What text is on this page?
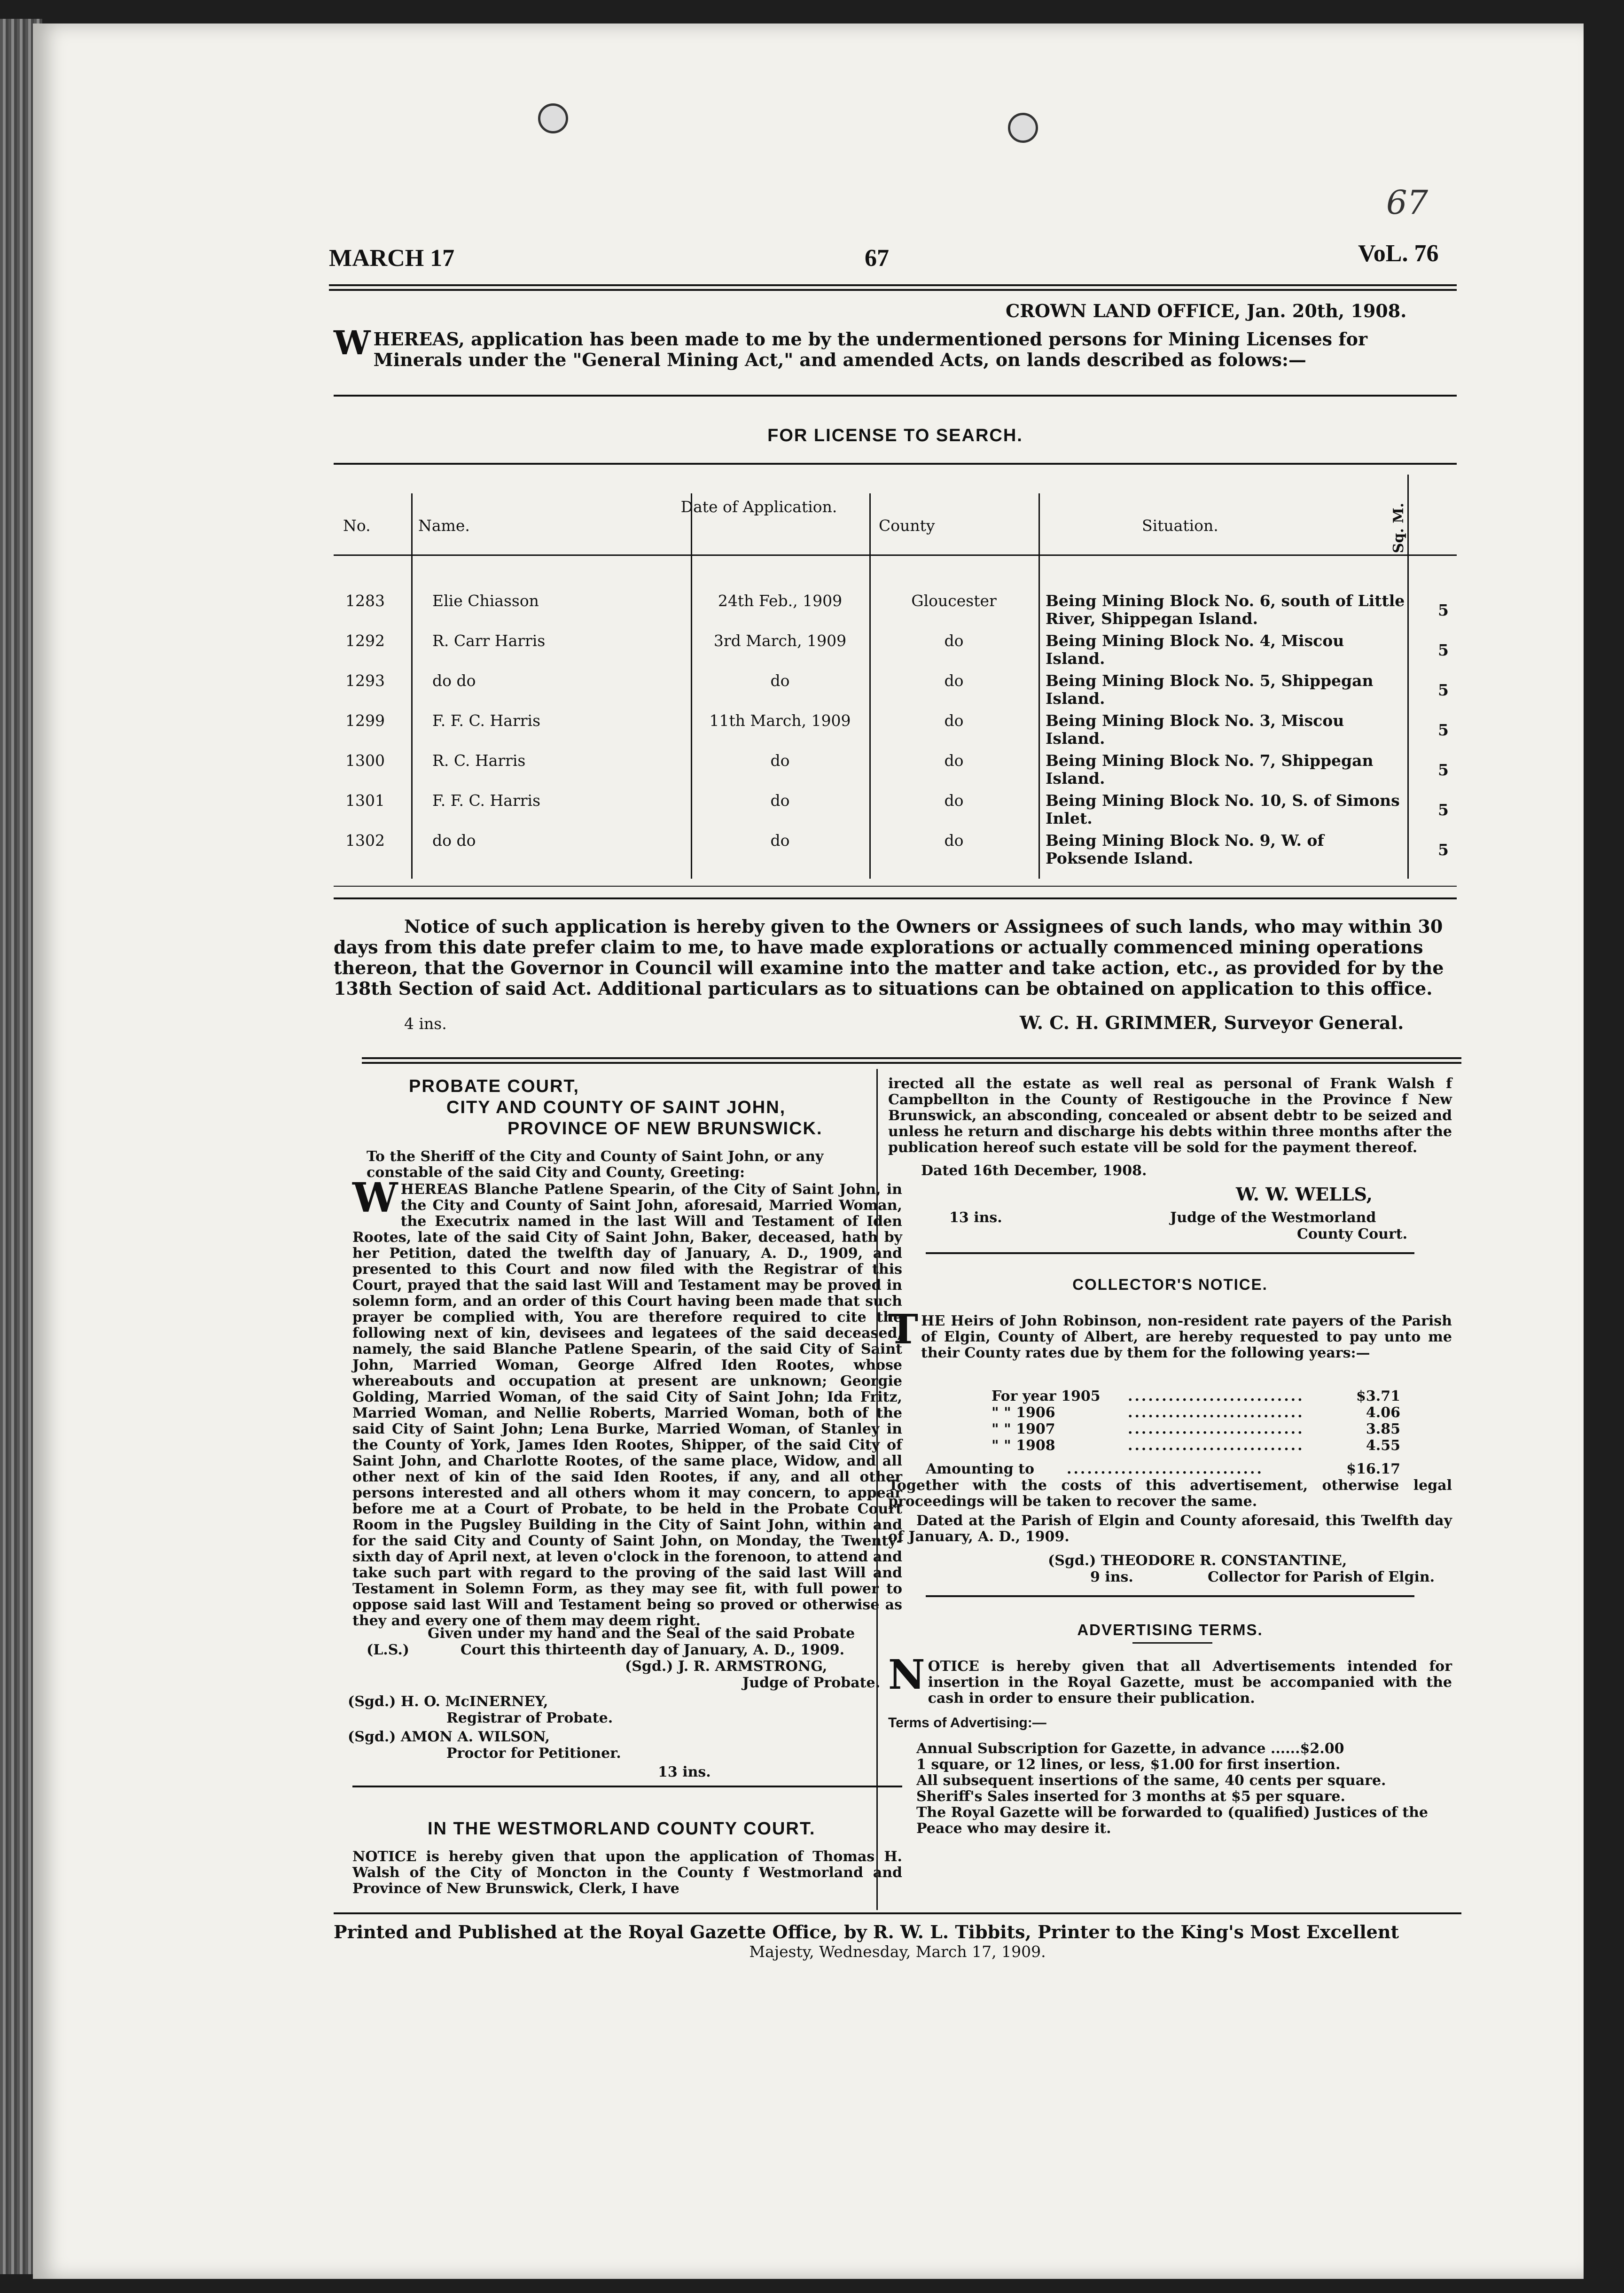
67
MARCH 17	67	VoL. 76
CROWN LAND OFFICE, Jan. 20th, 1908.
W HEREAS, application has been made to me by the undermentioned persons for Mining Licenses for Minerals under the "General Mining Act," and amended Acts, on lands described as folows:—
FOR LICENSE TO SEARCH.
No.	Name.
Date of Application.
County	Situation.	Sq. M.
1283	Elie Chiasson	24th Feb., 1909	Gloucester	Being Mining Block No. 6, south of Little River, Shippegan Island.	5
1292	R. Carr Harris	3rd March, 1909	do	Being Mining Block No. 4, Miscou Island.	5
1293	do do	do	do	Being Mining Block No. 5, Shippegan Island.	5
1299	F. F. C. Harris	11th March, 1909	do	Being Mining Block No. 3, Miscou Island.	5
1300	R. C. Harris	do	do	Being Mining Block No. 7, Shippegan Island.	5
1301	F. F. C. Harris	do	do	Being Mining Block No. 10, S. of Simons Inlet.	5
1302	do do	do	do	Being Mining Block No. 9, W. of Poksende Island.	5
Notice of such application is hereby given to the Owners or Assignees of such lands, who may within 30 days from this date prefer claim to me, to have made explorations or actually commenced mining operations thereon, that the Governor in Council will examine into the matter and take action, etc., as provided for by the 138th Section of said Act. Additional particulars as to situations can be obtained on application to this office.
4 ins.	W. C. H. GRIMMER, Surveyor General.
PROBATE COURT,
CITY AND COUNTY OF SAINT JOHN,
PROVINCE OF NEW BRUNSWICK.
To the Sheriff of the City and County of Saint John, or any constable of the said City and County, Greeting:
W HEREAS Blanche Patlene Spearin, of the City of Saint John, in the City and County of Saint John, aforesaid, Married Woman, the Executrix named in the last Will and Testament of Iden Rootes, late of the said City of Saint John, Baker, deceased, hath by her Petition, dated the twelfth day of January, A. D., 1909, and presented to this Court and now filed with the Registrar of this Court, prayed that the said last Will and Testament may be proved in solemn form, and an order of this Court having been made that such prayer be complied with, You are therefore required to cite the following next of kin, devisees and legatees of the said deceased, namely, the said Blanche Patlene Spearin, of the said City of Saint John, Married Woman, George Alfred Iden Rootes, whose whereabouts and occupation at present are unknown; Georgie Golding, Married Woman, of the said City of Saint John; Ida Fritz, Married Woman, and Nellie Roberts, Married Woman, both of the said City of Saint John; Lena Burke, Married Woman, of Stanley in the County of York, James Iden Rootes, Shipper, of the said City of Saint John, and Charlotte Rootes, of the same place, Widow, and all other next of kin of the said Iden Rootes, if any, and all other persons interested and all others whom it may concern, to appear before me at a Court of Probate, to be held in the Probate Court Room in the Pugsley Building in the City of Saint John, within and for the said City and County of Saint John, on Monday, the Twenty-sixth day of April next, at leven o'clock in the forenoon, to attend and take such part with regard to the proving of the said last Will and Testament in Solemn Form, as they may see fit, with full power to oppose said last Will and Testament being so proved or otherwise as they and every one of them may deem right.
Given under my hand and the Seal of the said Probate
(L.S.)	Court this thirteenth day of January, A. D., 1909.
(Sgd.) J. R. ARMSTRONG,
Judge of Probate.
(Sgd.) H. O. McINERNEY,
Registrar of Probate.
(Sgd.) AMON A. WILSON,
Proctor for Petitioner.
13 ins.
IN THE WESTMORLAND COUNTY COURT.
NOTICE is hereby given that upon the application of Thomas H. Walsh of the City of Moncton in the County f Westmorland and Province of New Brunswick, Clerk, I have
irected all the estate as well real as personal of Frank Walsh f Campbellton in the County of Restigouche in the Province f New Brunswick, an absconding, concealed or absent debtr to be seized and unless he return and discharge his debts within three months after the publication hereof such estate vill be sold for the payment thereof.
Dated 16th December, 1908.
W. W. WELLS,
13 ins.	Judge of the Westmorland
County Court.
COLLECTOR'S NOTICE.
T HE Heirs of John Robinson, non-resident rate payers of the Parish of Elgin, County of Albert, are hereby requested to pay unto me their County rates due by them for the following years:—
For year 1905 ..........................	$3.71
" " 1906	..........................	4.06
" " 1907	..........................	3.85
" " 1908	..........................	4.55
Amounting to .............................	$16.17
Together with the costs of this advertisement, otherwise legal proceedings will be taken to recover the same.
Dated at the Parish of Elgin and County aforesaid, this Twelfth day of January, A. D., 1909.
(Sgd.) THEODORE R. CONSTANTINE,
9 ins.	Collector for Parish of Elgin.
ADVERTISING TERMS.
N OTICE is hereby given that all Advertisements intended for insertion in the Royal Gazette, must be accompanied with the cash in order to ensure their publication.
Terms of Advertising:—
Annual Subscription for Gazette, in advance ......$2.00
1 square, or 12 lines, or less, $1.00 for first insertion.
All subsequent insertions of the same, 40 cents per square.
Sheriff's Sales inserted for 3 months at $5 per square.
The Royal Gazette will be forwarded to (qualified) Justices of the Peace who may desire it.
Printed and Published at the Royal Gazette Office, by R. W. L. Tibbits, Printer to the King's Most Excellent
Majesty, Wednesday, March 17, 1909.
